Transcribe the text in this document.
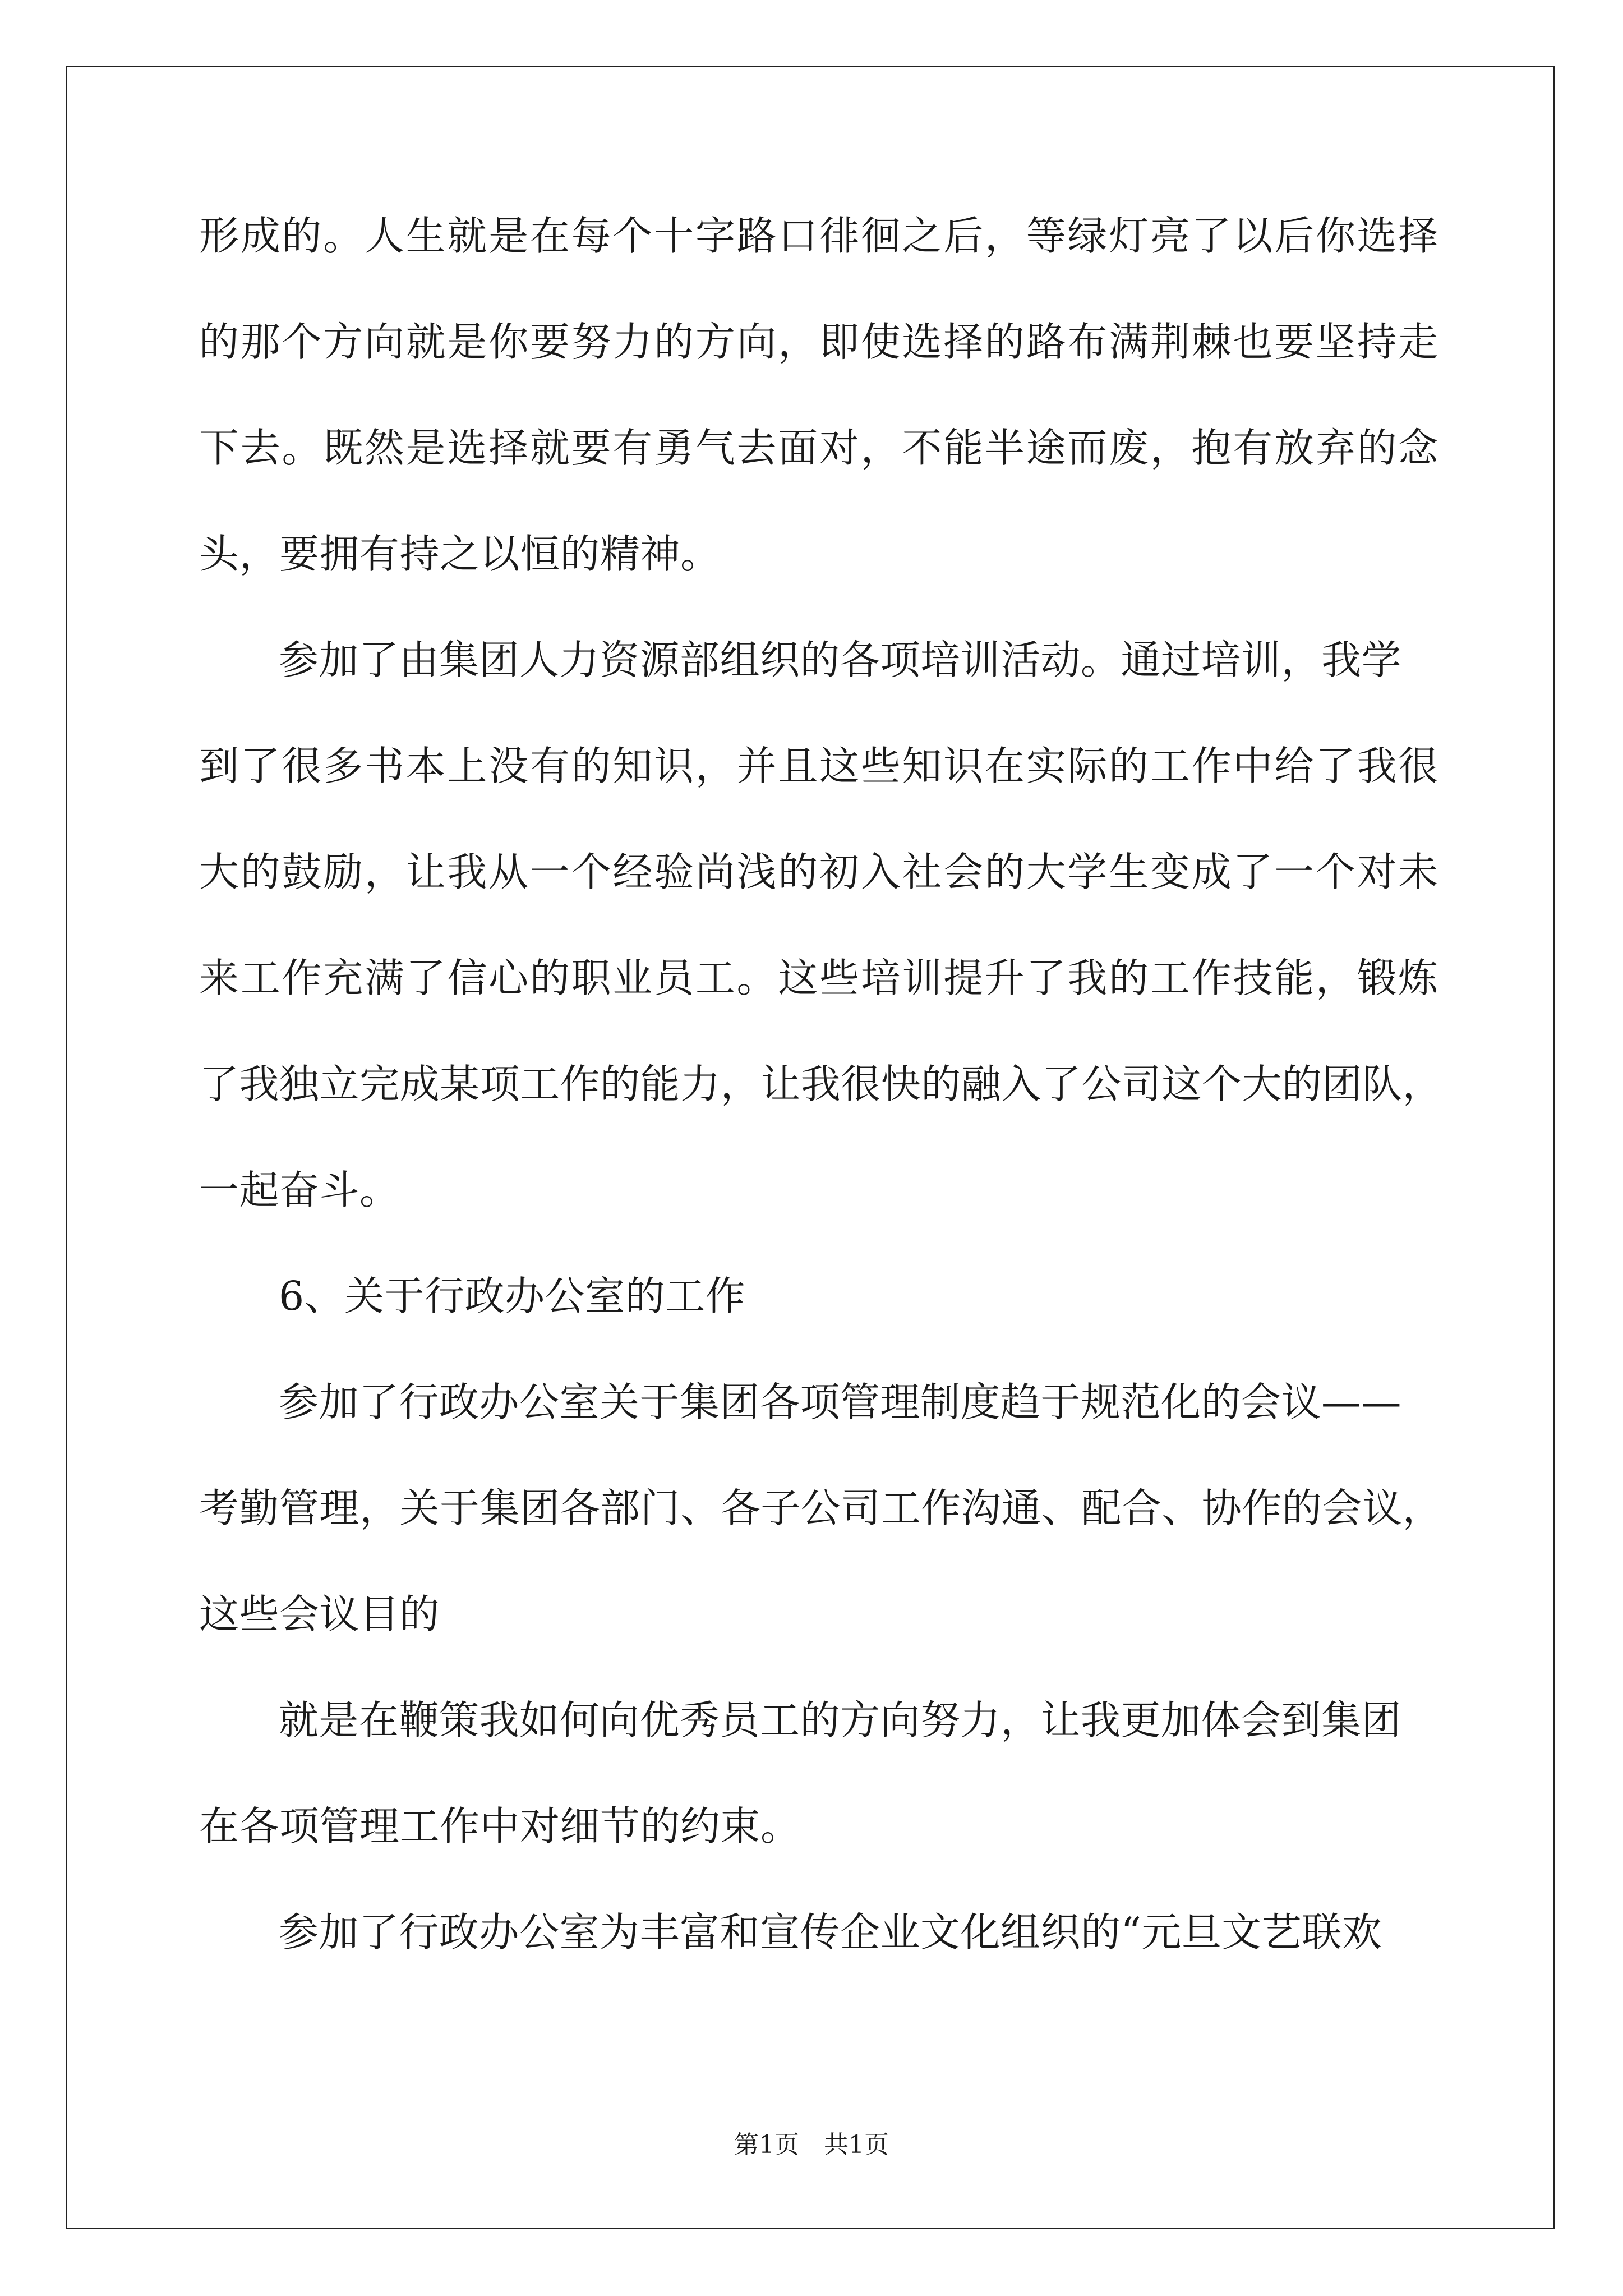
形 成 的 。 人 生 就 是 在 每 个 十 字 路 口 徘 徊 之 后 ， 等 绿 灯 亮 了 以 后 你 选 择
的 那 个 方 向 就 是 你 要 努 力 的 方 向 ， 即 使 选 择 的 路 布 满 荆 棘 也 要 坚 持 走
下 去 。 既 然 是 选 择 就 要 有 勇 气 去 面 对 ， 不 能 半 途 而 废 ， 抱 有 放 弃 的 念
头，要拥有持之以恒的精神。
参加了由集团人力资源部组织的各项培训活动。通过培训，我学
到 了 很 多 书 本 上 没 有 的 知 识 ， 并 且 这 些 知 识 在 实 际 的 工 作 中 给 了 我 很
大 的 鼓 励 ， 让 我 从 一 个 经 验 尚 浅 的 初 入 社 会 的 大 学 生 变 成 了 一 个 对 未
来 工 作 充 满 了 信 心 的 职 业 员 工 。 这 些 培 训 提 升 了 我 的 工 作 技 能 ， 锻 炼
了 我 独 立 完 成 某 项 工 作 的 能 力 ， 让 我 很 快 的 融 入 了 公 司 这 个 大 的 团 队 ，
一起奋斗。
6、关于行政办公室的工作
参加了行政办公室关于集团各项管理制度趋于规范化的会议——
考 勤 管 理 ， 关 于 集 团 各 部 门 、 各 子 公 司 工 作 沟 通 、 配 合 、 协 作 的 会 议 ，
这些会议目的
就是在鞭策我如何向优秀员工的方向努力，让我更加体会到集团
在各项管理工作中对细节的约束。
参加了行政办公室为丰富和宣传企业文化组织的“元旦文艺联欢
第1页　共1页
